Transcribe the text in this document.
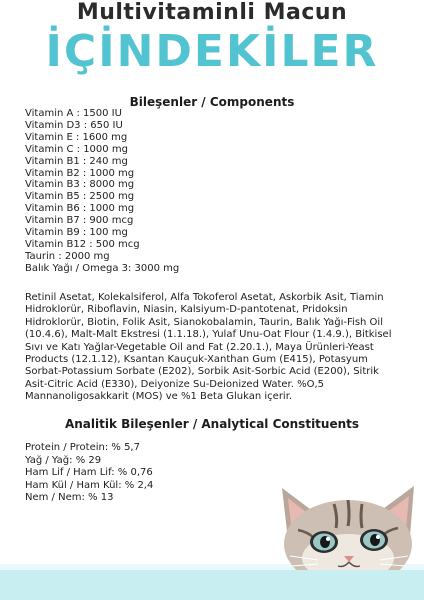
Multivitaminli Macun
İÇİNDEKİLER
Bileşenler / Components
Vitamin A : 1500 IU
Vitamin D3 : 650 IU
Vitamin E : 1600 mg
Vitamin C : 1000 mg
Vitamin B1 : 240 mg
Vitamin B2 : 1000 mg
Vitamin B3 : 8000 mg
Vitamin B5 : 2500 mg
Vitamin B6 : 1000 mg
Vitamin B7 : 900 mcg
Vitamin B9 : 100 mg
Vitamin B12 : 500 mcg
Taurin : 2000 mg
Balık Yağı / Omega 3: 3000 mg

Retinil Asetat, Kolekalsiferol, Alfa Tokoferol Asetat, Askorbik Asit, Tiamin Hidroklorür, Riboflavin, Niasin, Kalsiyum-D-pantotenat, Pridoksin Hidroklorür, Biotin, Folik Asit, Sianokobalamin, Taurin, Balık Yağı-Fish Oil (10.4.6), Malt-Malt Ekstresi (1.1.18.), Yulaf Unu-Oat Flour (1.4.9.), Bitkisel Sıvı ve Katı Yağlar-Vegetable Oil and Fat (2.20.1.), Maya Ürünleri-Yeast Products (12.1.12), Ksantan Kauçuk-Xanthan Gum (E415), Potasyum Sorbat-Potassium Sorbate (E202), Sorbik Asit-Sorbic Acid (E200), Sitrik Asit-Citric Acid (E330), Deiyonize Su-Deionized Water. %O,5 Mannanoligosakkarit (MOS) ve %1 Beta Glukan içerir.

Analitik Bileşenler / Analytical Constituents
Protein / Protein: % 5,7
Yağ / Yağ: % 29
Ham Lif / Ham Lif: % 0,76
Ham Kül / Ham Kül: % 2,4
Nem / Nem: % 13
